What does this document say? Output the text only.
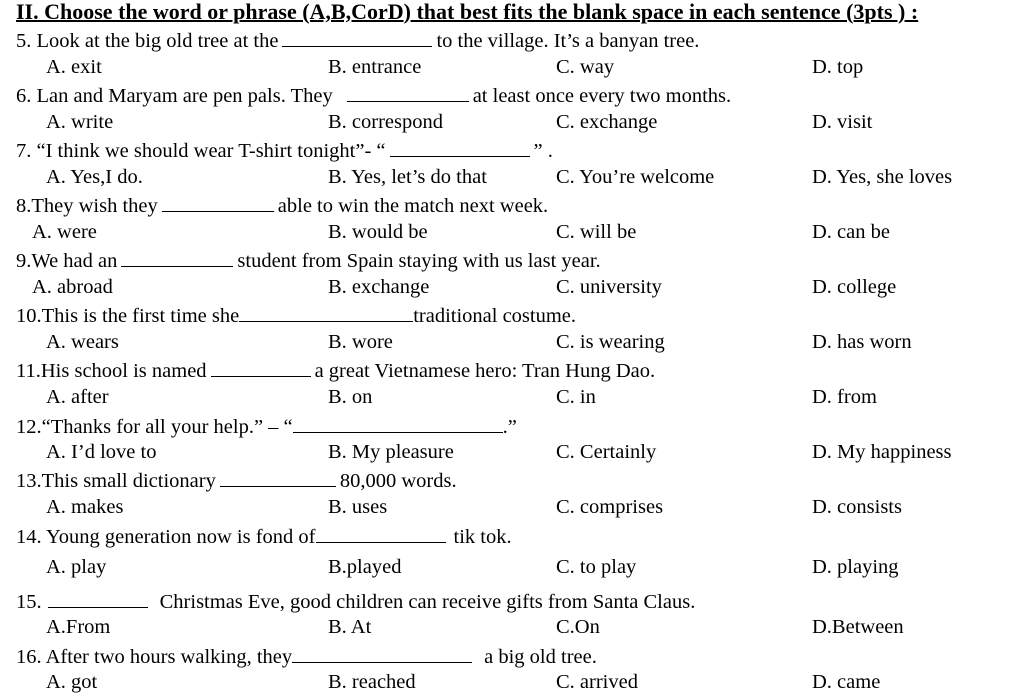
II. Choose the word or phrase (A,B,CorD) that best fits the blank space in each sentence (3pts ) :
5. Look at the big old tree at the	to the village. It’s a banyan tree.
A. exit	B. entrance	C. way	D. top
6. Lan and Maryam are pen pals. They	at least once every two months.
A. write	B. correspond	C. exchange	D. visit
7. “I think we should wear T-shirt tonight”- “	” .
A. Yes,I do.	B. Yes, let’s do that	C. You’re welcome	D. Yes, she loves
8.They wish they	able to win the match next week.
A. were	B. would be	C. will be	D. can be
9.We had an	student from Spain staying with us last year.
A. abroad	B. exchange	C. university	D. college
10.This is the first time she	traditional costume.
A. wears	B. wore	C. is wearing	D. has worn
11.His school is named	a great Vietnamese hero: Tran Hung Dao.
A. after	B. on	C. in	D. from
12.“Thanks for all your help.” – “	.”
A. I’d love to	B. My pleasure	C. Certainly	D. My happiness
13.This small dictionary	80,000 words.
A. makes	B. uses	C. comprises	D. consists
14. Young generation now is fond of	tik tok.
A. play	B.played	C. to play	D. playing
15.	Christmas Eve, good children can receive gifts from Santa Claus.
A.From	B. At	C.On	D.Between
16. After two hours walking, they	a big old tree.
A. got	B. reached	C. arrived	D. came
